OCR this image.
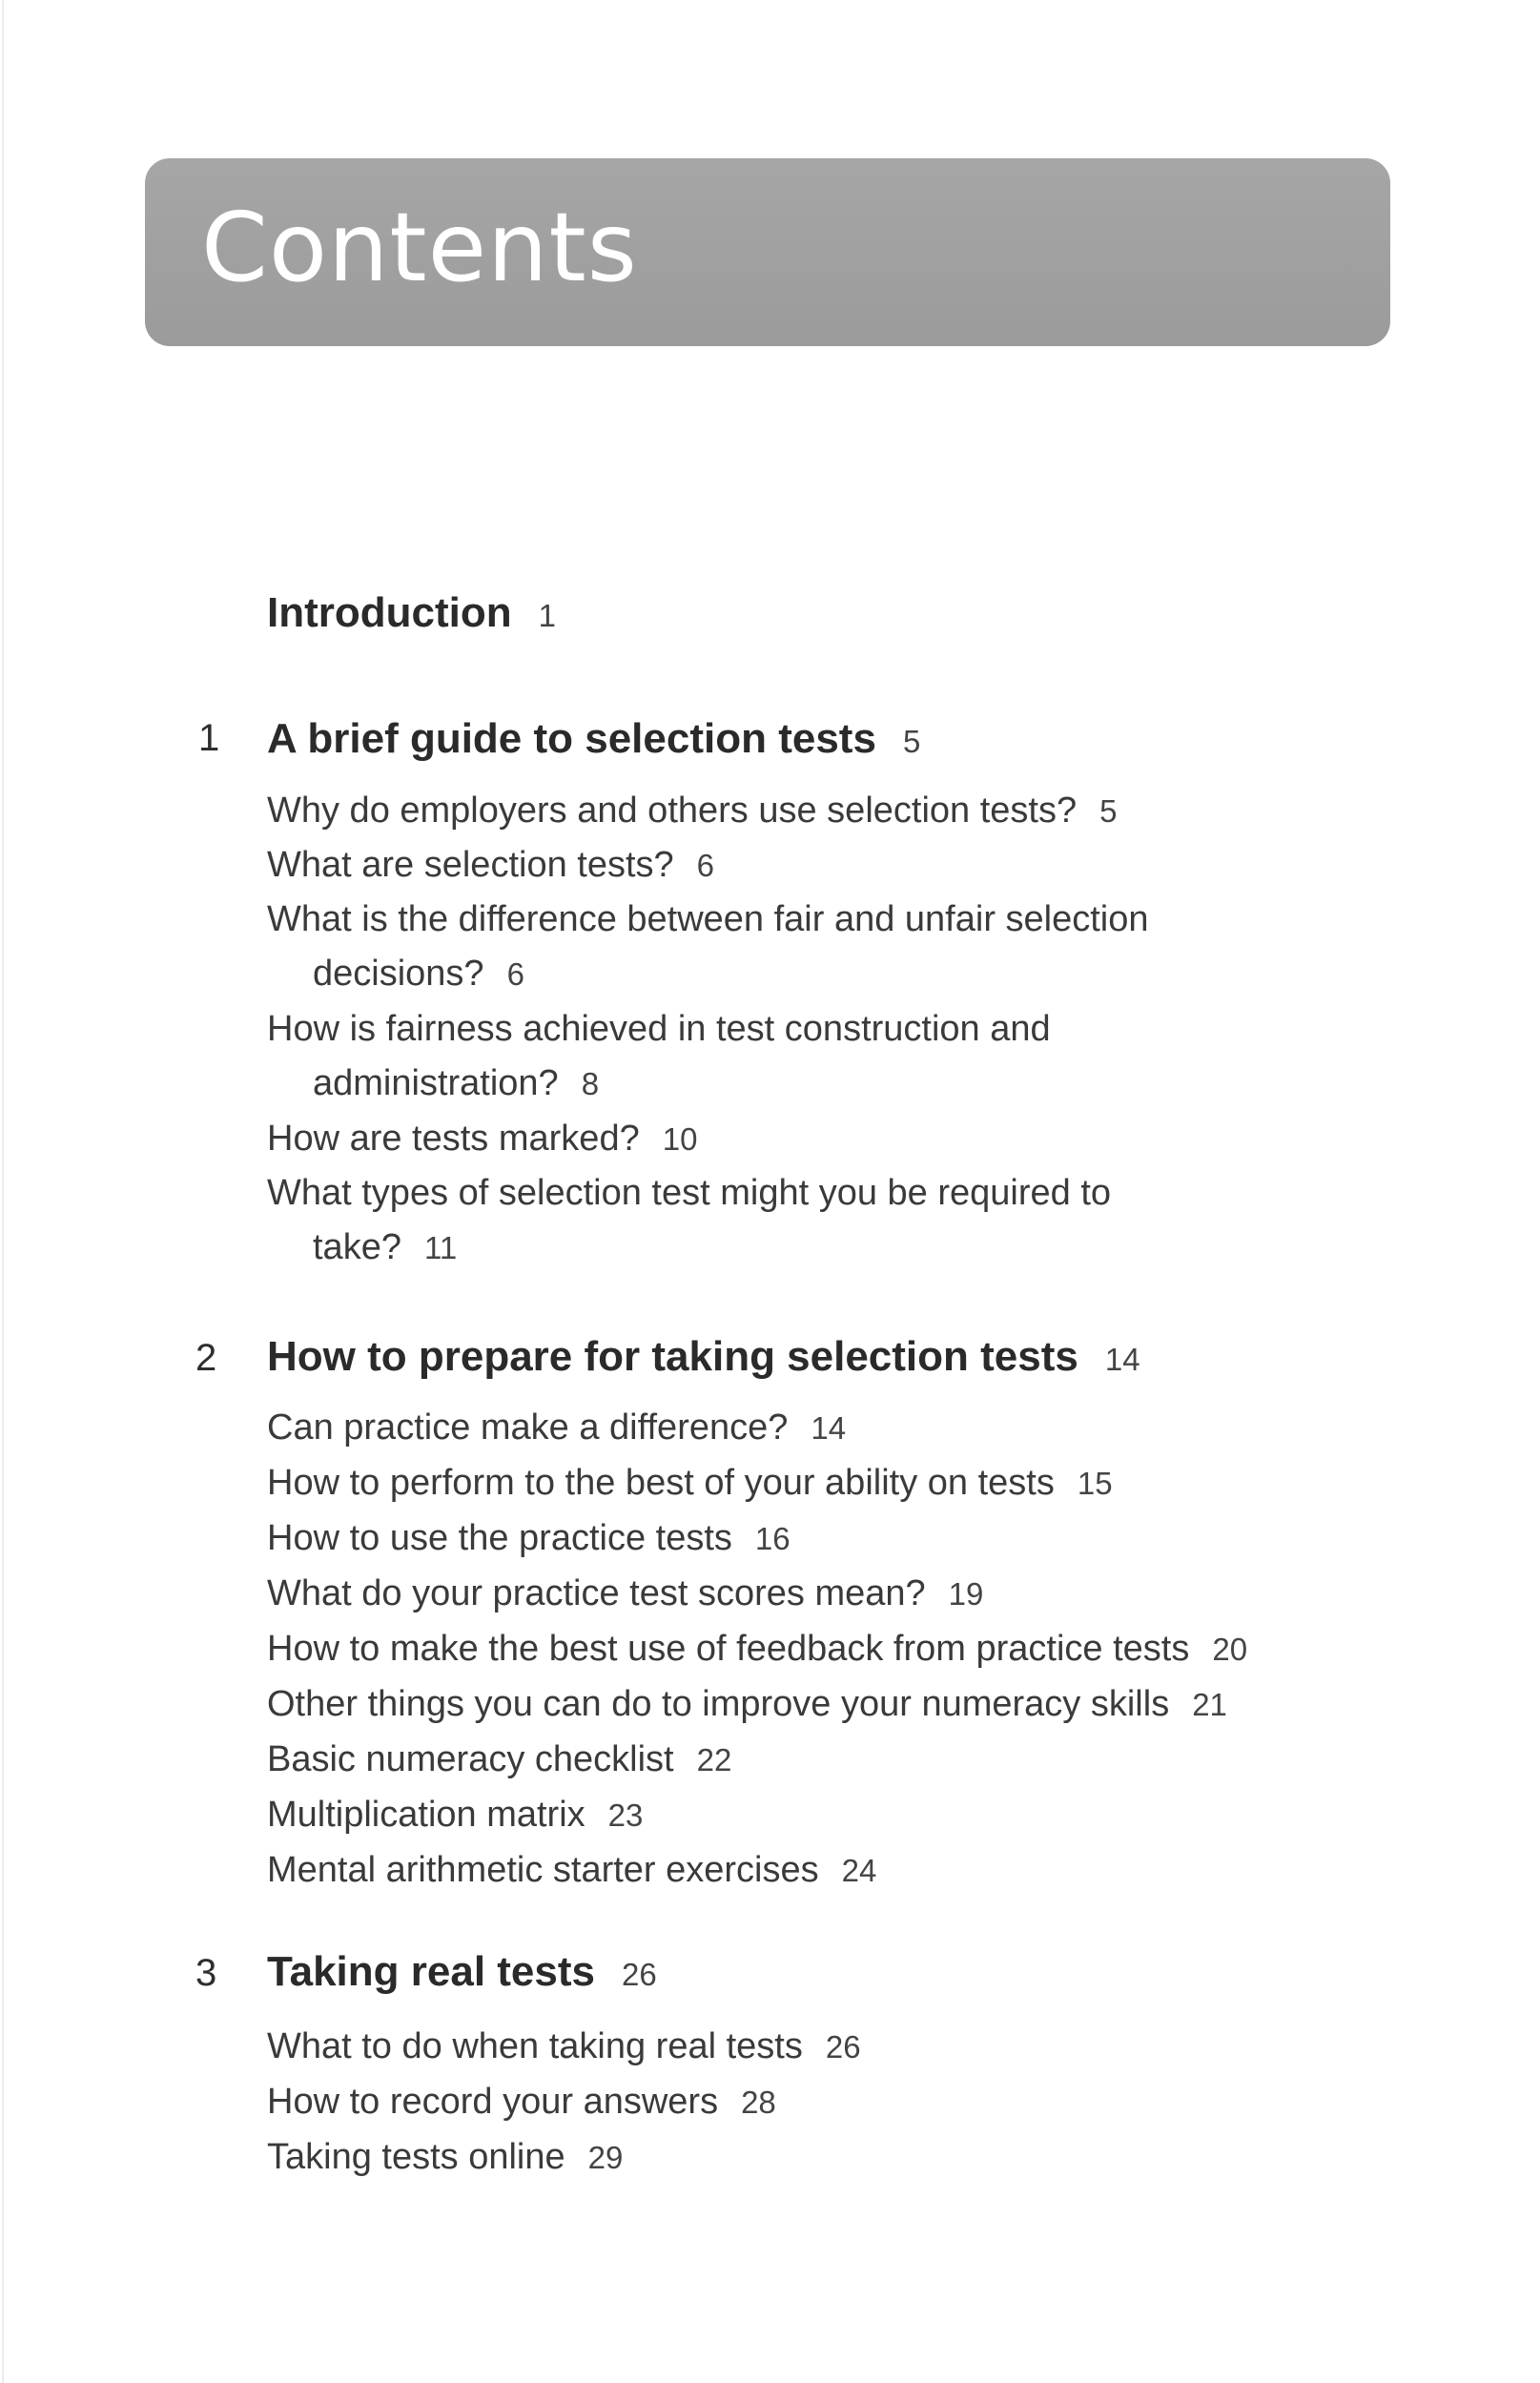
Contents
Introduction 1
1 A brief guide to selection tests 5
Why do employers and others use selection tests? 5
What are selection tests? 6
What is the difference between fair and unfair selection
decisions? 6
How is fairness achieved in test construction and
administration? 8
How are tests marked? 10
What types of selection test might you be required to
take? 11
2 How to prepare for taking selection tests 14
Can practice make a difference? 14
How to perform to the best of your ability on tests 15
How to use the practice tests 16
What do your practice test scores mean? 19
How to make the best use of feedback from practice tests 20
Other things you can do to improve your numeracy skills 21
Basic numeracy checklist 22
Multiplication matrix 23
Mental arithmetic starter exercises 24
3 Taking real tests 26
What to do when taking real tests 26
How to record your answers 28
Taking tests online 29
